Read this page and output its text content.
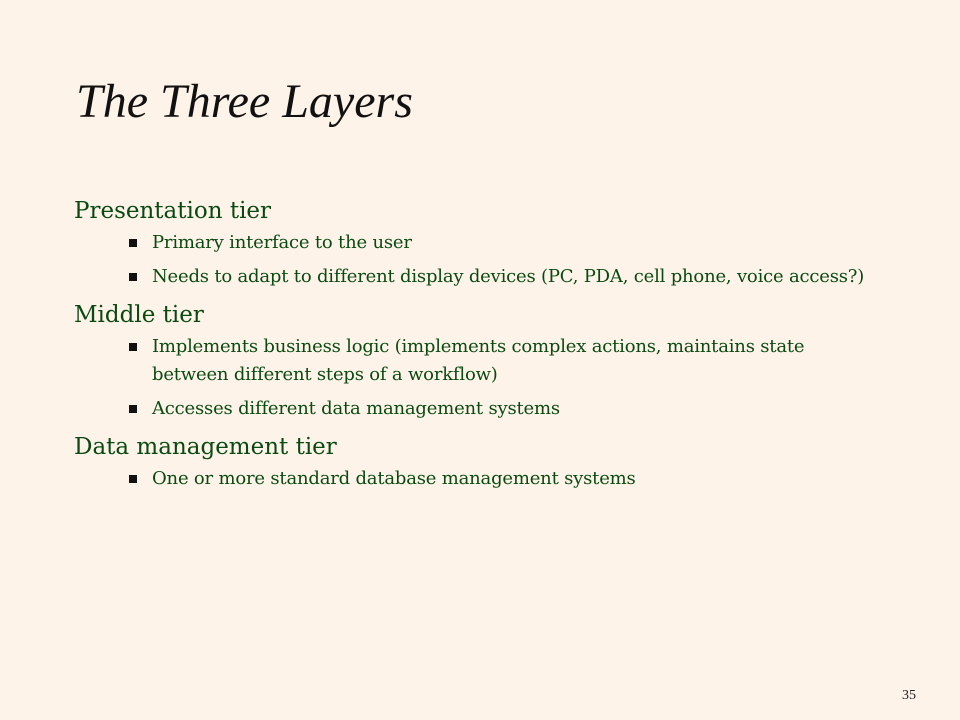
The Three Layers
Presentation tier
Primary interface to the user
Needs to adapt to different display devices (PC, PDA, cell phone, voice access?)
Middle tier
Implements business logic (implements complex actions, maintains state between different steps of a workflow)
Accesses different data management systems
Data management tier
One or more standard database management systems
35
